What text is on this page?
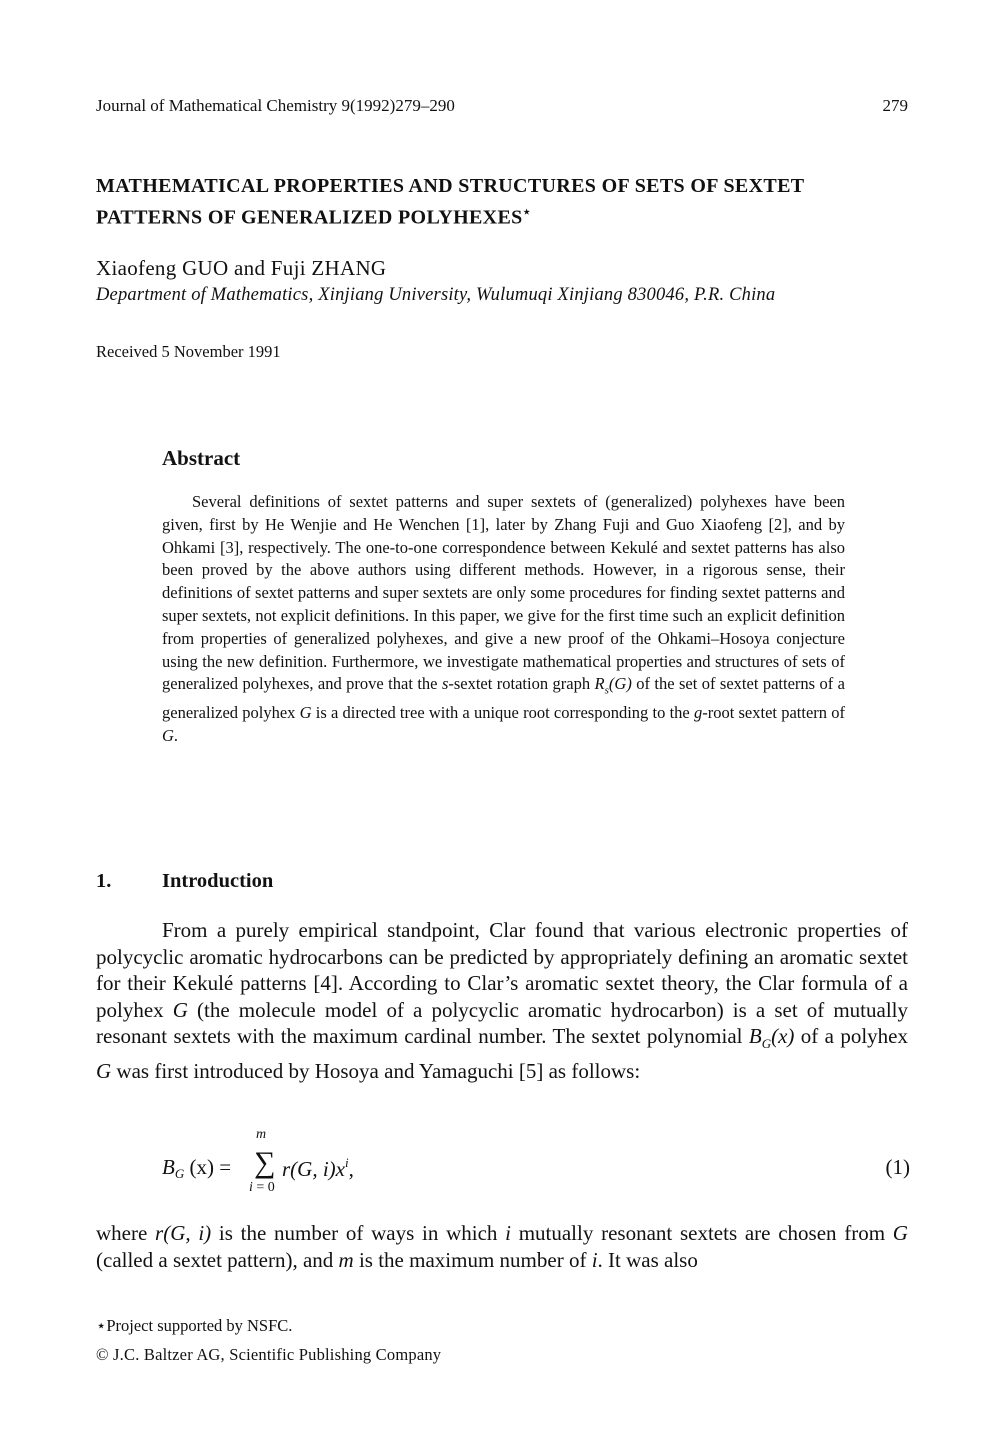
Journal of Mathematical Chemistry 9(1992)279–290	279
MATHEMATICAL PROPERTIES AND STRUCTURES OF SETS OF SEXTET
PATTERNS OF GENERALIZED POLYHEXES⋆
Xiaofeng GUO and Fuji ZHANG
Department of Mathematics, Xinjiang University, Wulumuqi Xinjiang 830046, P.R. China
Received 5 November 1991
Abstract
Several definitions of sextet patterns and super sextets of (generalized) polyhexes have been given, first by He Wenjie and He Wenchen [1], later by Zhang Fuji and Guo Xiaofeng [2], and by Ohkami [3], respectively. The one-to-one correspondence between Kekulé and sextet patterns has also been proved by the above authors using different methods. However, in a rigorous sense, their definitions of sextet patterns and super sextets are only some procedures for finding sextet patterns and super sextets, not explicit definitions. In this paper, we give for the first time such an explicit definition from properties of generalized polyhexes, and give a new proof of the Ohkami–Hosoya conjecture using the new definition. Furthermore, we investigate mathematical properties and structures of sets of generalized polyhexes, and prove that the s-sextet rotation graph $R_s(G)$ of the set of sextet patterns of a generalized polyhex G is a directed tree with a unique root corresponding to the g-root sextet pattern of G.
1. Introduction
From a purely empirical standpoint, Clar found that various electronic properties of polycyclic aromatic hydrocarbons can be predicted by appropriately defining an aromatic sextet for their Kekulé patterns [4]. According to Clar’s aromatic sextet theory, the Clar formula of a polyhex G (the molecule model of a polycyclic aromatic hydrocarbon) is a set of mutually resonant sextets with the maximum cardinal number. The sextet polynomial $B_G(x)$ of a polyhex G was first introduced by Hosoya and Yamaguchi [5] as follows:
$B_G$ (x) =
m
∑
i = 0
r(G, $i)x^i$,	(1)
where r(G, i) is the number of ways in which i mutually resonant sextets are chosen from G (called a sextet pattern), and m is the maximum number of i. It was also
⋆Project supported by NSFC.
© J.C. Baltzer AG, Scientific Publishing Company
